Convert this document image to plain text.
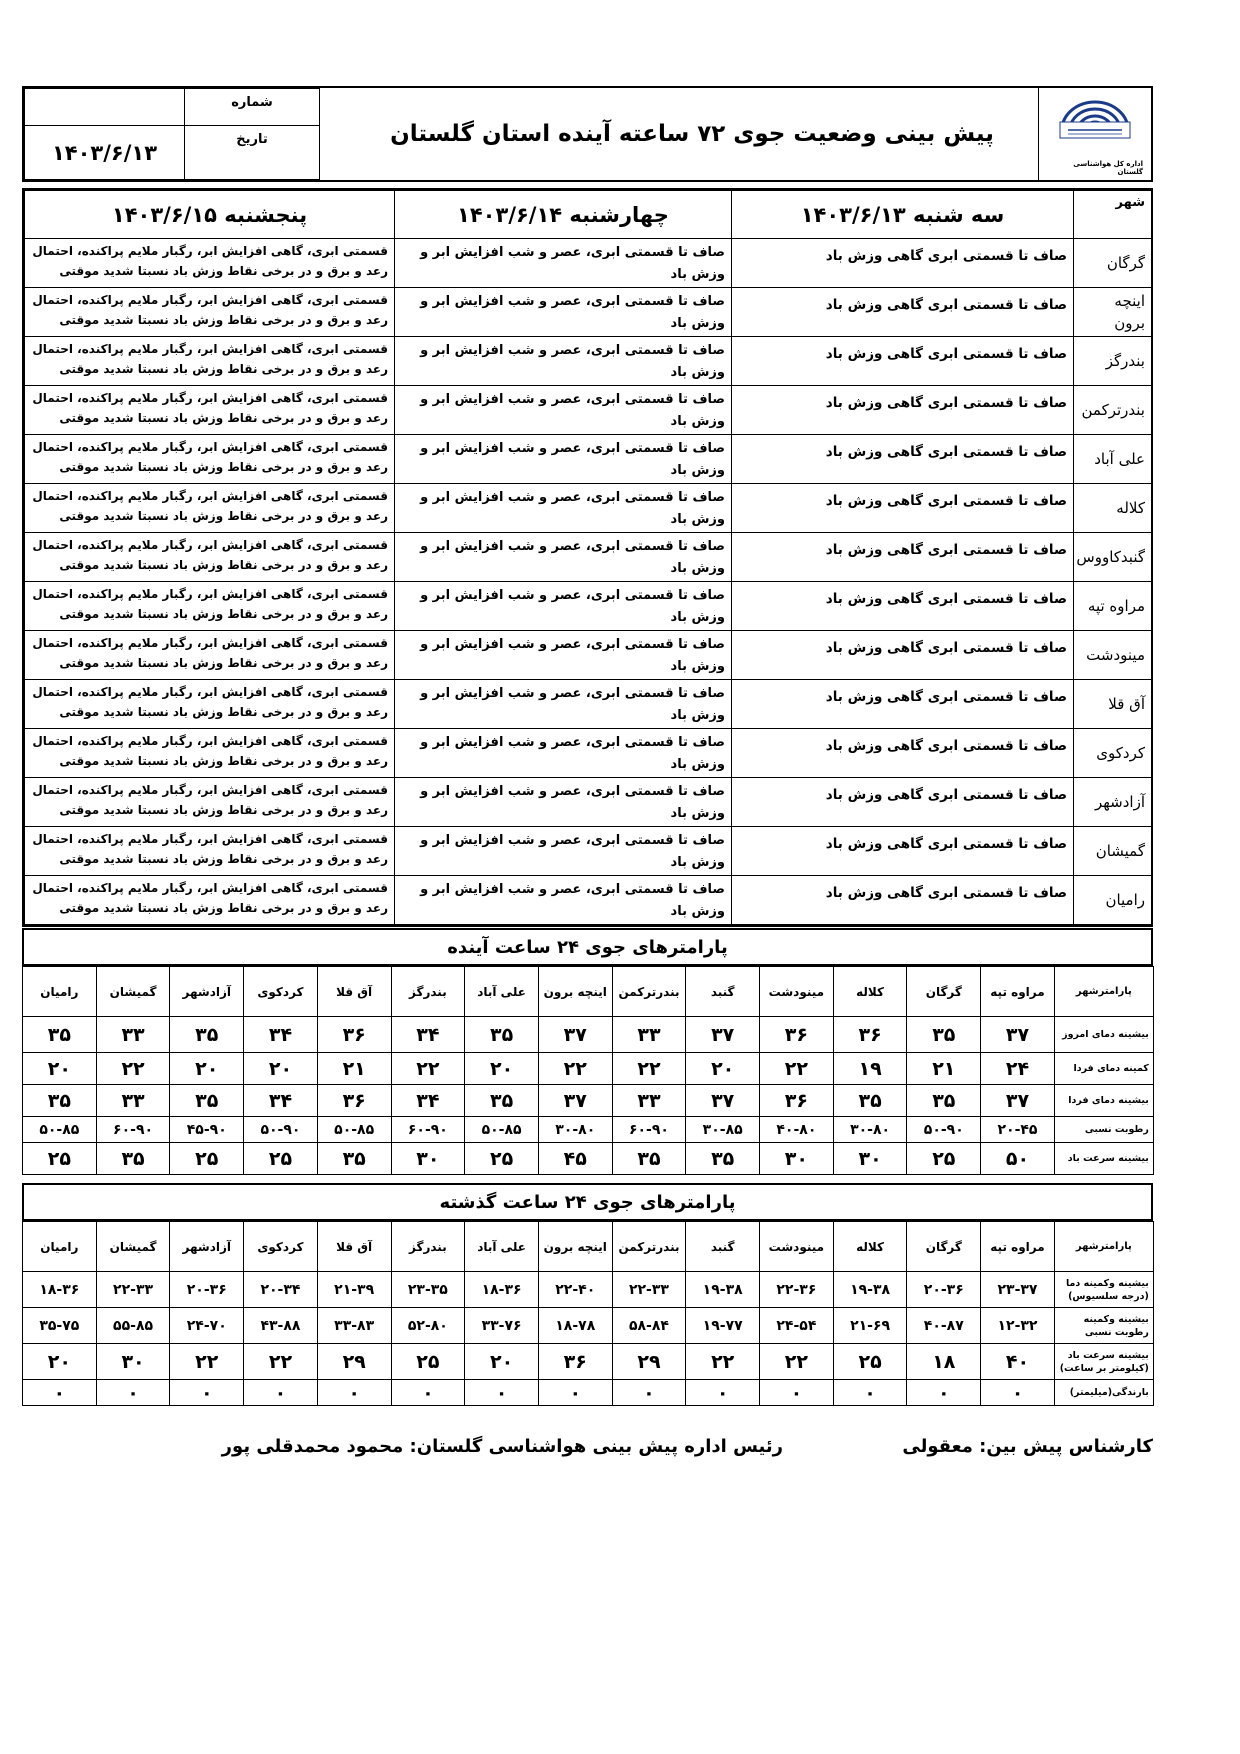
شماره
تاریخ
۱۴۰۳/۶/۱۳
پیش بینی وضعیت جوی ۷۲ ساعته آینده استان گلستان
اداره کل هواشناسی گلستان
شهر	سه شنبه ۱۴۰۳/۶/۱۳	چهارشنبه ۱۴۰۳/۶/۱۴	پنجشنبه ۱۴۰۳/۶/۱۵
گرگان	صاف تا قسمتی ابری گاهی وزش باد	صاف تا قسمتی ابری، عصر و شب افزایش ابر و وزش باد	قسمتی ابری، گاهی افزایش ابر، رگبار ملایم پراکنده، احتمال رعد و برق و در برخی نقاط وزش باد نسبتا شدید موقتی
اینچه برون	صاف تا قسمتی ابری گاهی وزش باد	صاف تا قسمتی ابری، عصر و شب افزایش ابر و وزش باد	قسمتی ابری، گاهی افزایش ابر، رگبار ملایم پراکنده، احتمال رعد و برق و در برخی نقاط وزش باد نسبتا شدید موقتی
بندرگز	صاف تا قسمتی ابری گاهی وزش باد	صاف تا قسمتی ابری، عصر و شب افزایش ابر و وزش باد	قسمتی ابری، گاهی افزایش ابر، رگبار ملایم پراکنده، احتمال رعد و برق و در برخی نقاط وزش باد نسبتا شدید موقتی
بندرترکمن	صاف تا قسمتی ابری گاهی وزش باد	صاف تا قسمتی ابری، عصر و شب افزایش ابر و وزش باد	قسمتی ابری، گاهی افزایش ابر، رگبار ملایم پراکنده، احتمال رعد و برق و در برخی نقاط وزش باد نسبتا شدید موقتی
علی آباد	صاف تا قسمتی ابری گاهی وزش باد	صاف تا قسمتی ابری، عصر و شب افزایش ابر و وزش باد	قسمتی ابری، گاهی افزایش ابر، رگبار ملایم پراکنده، احتمال رعد و برق و در برخی نقاط وزش باد نسبتا شدید موقتی
کلاله	صاف تا قسمتی ابری گاهی وزش باد	صاف تا قسمتی ابری، عصر و شب افزایش ابر و وزش باد	قسمتی ابری، گاهی افزایش ابر، رگبار ملایم پراکنده، احتمال رعد و برق و در برخی نقاط وزش باد نسبتا شدید موقتی
گنبدکاووس	صاف تا قسمتی ابری گاهی وزش باد	صاف تا قسمتی ابری، عصر و شب افزایش ابر و وزش باد	قسمتی ابری، گاهی افزایش ابر، رگبار ملایم پراکنده، احتمال رعد و برق و در برخی نقاط وزش باد نسبتا شدید موقتی
مراوه تپه	صاف تا قسمتی ابری گاهی وزش باد	صاف تا قسمتی ابری، عصر و شب افزایش ابر و وزش باد	قسمتی ابری، گاهی افزایش ابر، رگبار ملایم پراکنده، احتمال رعد و برق و در برخی نقاط وزش باد نسبتا شدید موقتی
مینودشت	صاف تا قسمتی ابری گاهی وزش باد	صاف تا قسمتی ابری، عصر و شب افزایش ابر و وزش باد	قسمتی ابری، گاهی افزایش ابر، رگبار ملایم پراکنده، احتمال رعد و برق و در برخی نقاط وزش باد نسبتا شدید موقتی
آق قلا	صاف تا قسمتی ابری گاهی وزش باد	صاف تا قسمتی ابری، عصر و شب افزایش ابر و وزش باد	قسمتی ابری، گاهی افزایش ابر، رگبار ملایم پراکنده، احتمال رعد و برق و در برخی نقاط وزش باد نسبتا شدید موقتی
کردکوی	صاف تا قسمتی ابری گاهی وزش باد	صاف تا قسمتی ابری، عصر و شب افزایش ابر و وزش باد	قسمتی ابری، گاهی افزایش ابر، رگبار ملایم پراکنده، احتمال رعد و برق و در برخی نقاط وزش باد نسبتا شدید موقتی
آزادشهر	صاف تا قسمتی ابری گاهی وزش باد	صاف تا قسمتی ابری، عصر و شب افزایش ابر و وزش باد	قسمتی ابری، گاهی افزایش ابر، رگبار ملایم پراکنده، احتمال رعد و برق و در برخی نقاط وزش باد نسبتا شدید موقتی
گمیشان	صاف تا قسمتی ابری گاهی وزش باد	صاف تا قسمتی ابری، عصر و شب افزایش ابر و وزش باد	قسمتی ابری، گاهی افزایش ابر، رگبار ملایم پراکنده، احتمال رعد و برق و در برخی نقاط وزش باد نسبتا شدید موقتی
رامیان	صاف تا قسمتی ابری گاهی وزش باد	صاف تا قسمتی ابری، عصر و شب افزایش ابر و وزش باد	قسمتی ابری، گاهی افزایش ابر، رگبار ملایم پراکنده، احتمال رعد و برق و در برخی نقاط وزش باد نسبتا شدید موقتی
پارامترهای جوی ۲۴ ساعت آینده
پارامترشهر	مراوه تپه	گرگان	کلاله	مینودشت	گنبد	بندرترکمن	اینچه برون	علی آباد	بندرگز	آق قلا	کردکوی	آزادشهر	گمیشان	رامیان
بیشینه دمای امروز	۳۷	۳۵	۳۶	۳۶	۳۷	۳۳	۳۷	۳۵	۳۴	۳۶	۳۴	۳۵	۳۳	۳۵
کمینه دمای فردا	۲۴	۲۱	۱۹	۲۲	۲۰	۲۲	۲۲	۲۰	۲۲	۲۱	۲۰	۲۰	۲۲	۲۰
بیشینه دمای فردا	۳۷	۳۵	۳۵	۳۶	۳۷	۳۳	۳۷	۳۵	۳۴	۳۶	۳۴	۳۵	۳۳	۳۵
رطوبت نسبی	۲۰-۴۵	۵۰-۹۰	۳۰-۸۰	۴۰-۸۰	۳۰-۸۵	۶۰-۹۰	۳۰-۸۰	۵۰-۸۵	۶۰-۹۰	۵۰-۸۵	۵۰-۹۰	۴۵-۹۰	۶۰-۹۰	۵۰-۸۵
بیشینه سرعت باد	۵۰	۲۵	۳۰	۳۰	۳۵	۳۵	۴۵	۲۵	۳۰	۳۵	۲۵	۲۵	۳۵	۲۵
پارامترهای جوی ۲۴ ساعت گذشته
پارامترشهر	مراوه تپه	گرگان	کلاله	مینودشت	گنبد	بندرترکمن	اینچه برون	علی آباد	بندرگز	آق قلا	کردکوی	آزادشهر	گمیشان	رامیان
بیشینه وکمینه دما (درجه سلسیوس)	۲۳-۳۷	۲۰-۳۶	۱۹-۳۸	۲۲-۳۶	۱۹-۳۸	۲۲-۳۳	۲۲-۴۰	۱۸-۳۶	۲۳-۳۵	۲۱-۳۹	۲۰-۳۴	۲۰-۳۶	۲۲-۳۳	۱۸-۳۶
بیشینه وکمینه رطوبت نسبی	۱۲-۳۲	۴۰-۸۷	۲۱-۶۹	۲۴-۵۴	۱۹-۷۷	۵۸-۸۴	۱۸-۷۸	۳۳-۷۶	۵۲-۸۰	۳۳-۸۳	۴۳-۸۸	۲۴-۷۰	۵۵-۸۵	۳۵-۷۵
بیشینه سرعت باد (کیلومتر بر ساعت)	۴۰	۱۸	۲۵	۲۲	۲۲	۲۹	۳۶	۲۰	۲۵	۲۹	۲۲	۲۲	۳۰	۲۰
بارندگی(میلیمتر)	۰	۰	۰	۰	۰	۰	۰	۰	۰	۰	۰	۰	۰	۰
کارشناس پیش بین: معقولی
رئیس اداره پیش بینی هواشناسی گلستان: محمود محمدقلی پور
